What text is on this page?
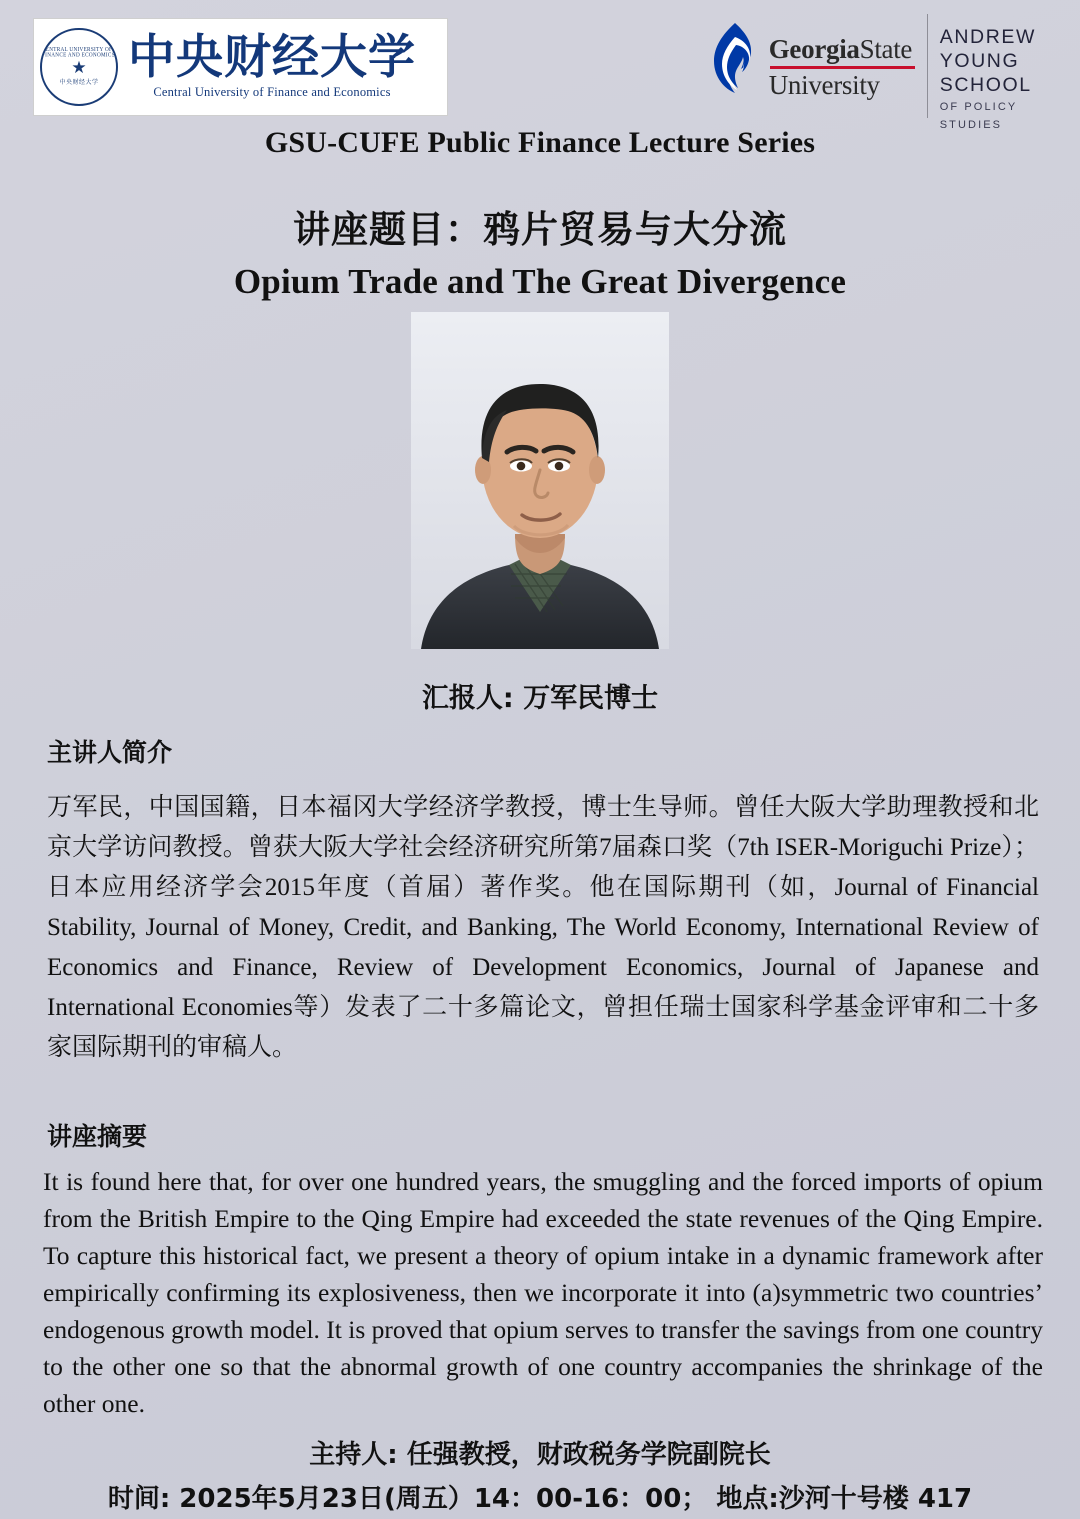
CENTRAL UNIVERSITY OF FINANCE AND ECONOMICS
★
中央财经大学 中央财经大学
Central University of Finance and Economics
GeorgiaState
University
ANDREW
YOUNG
SCHOOL
OF POLICY
STUDIES
GSU-CUFE Public Finance Lecture Series
讲座题目：鸦片贸易与大分流
Opium Trade and The Great Divergence
汇报人: 万军民博士
主讲人简介
万军民，中国国籍，日本福冈大学经济学教授，博士生导师。曾任大阪大学助理教授和北京大学访问教授。曾获大阪大学社会经济研究所第7届森口奖（7th ISER-Moriguchi Prize）；日本应用经济学会2015年度（首届）著作奖。他在国际期刊（如，Journal of Financial Stability, Journal of Money, Credit, and Banking, The World Economy, International Review of Economics and Finance, Review of Development Economics, Journal of Japanese and International Economies等）发表了二十多篇论文，曾担任瑞士国家科学基金评审和二十多家国际期刊的审稿人。
讲座摘要
It is found here that, for over one hundred years, the smuggling and the forced imports of opium from the British Empire to the Qing Empire had exceeded the state revenues of the Qing Empire. To capture this historical fact, we present a theory of opium intake in a dynamic framework after empirically confirming its explosiveness, then we incorporate it into (a)symmetric two countries’ endogenous growth model. It is proved that opium serves to transfer the savings from one country to the other one so that the abnormal growth of one country accompanies the shrinkage of the other one.
主持人: 任强教授，财政税务学院副院长
时间: 2025年5月23日(周五）14：00-16：00； 地点:沙河十号楼 417
